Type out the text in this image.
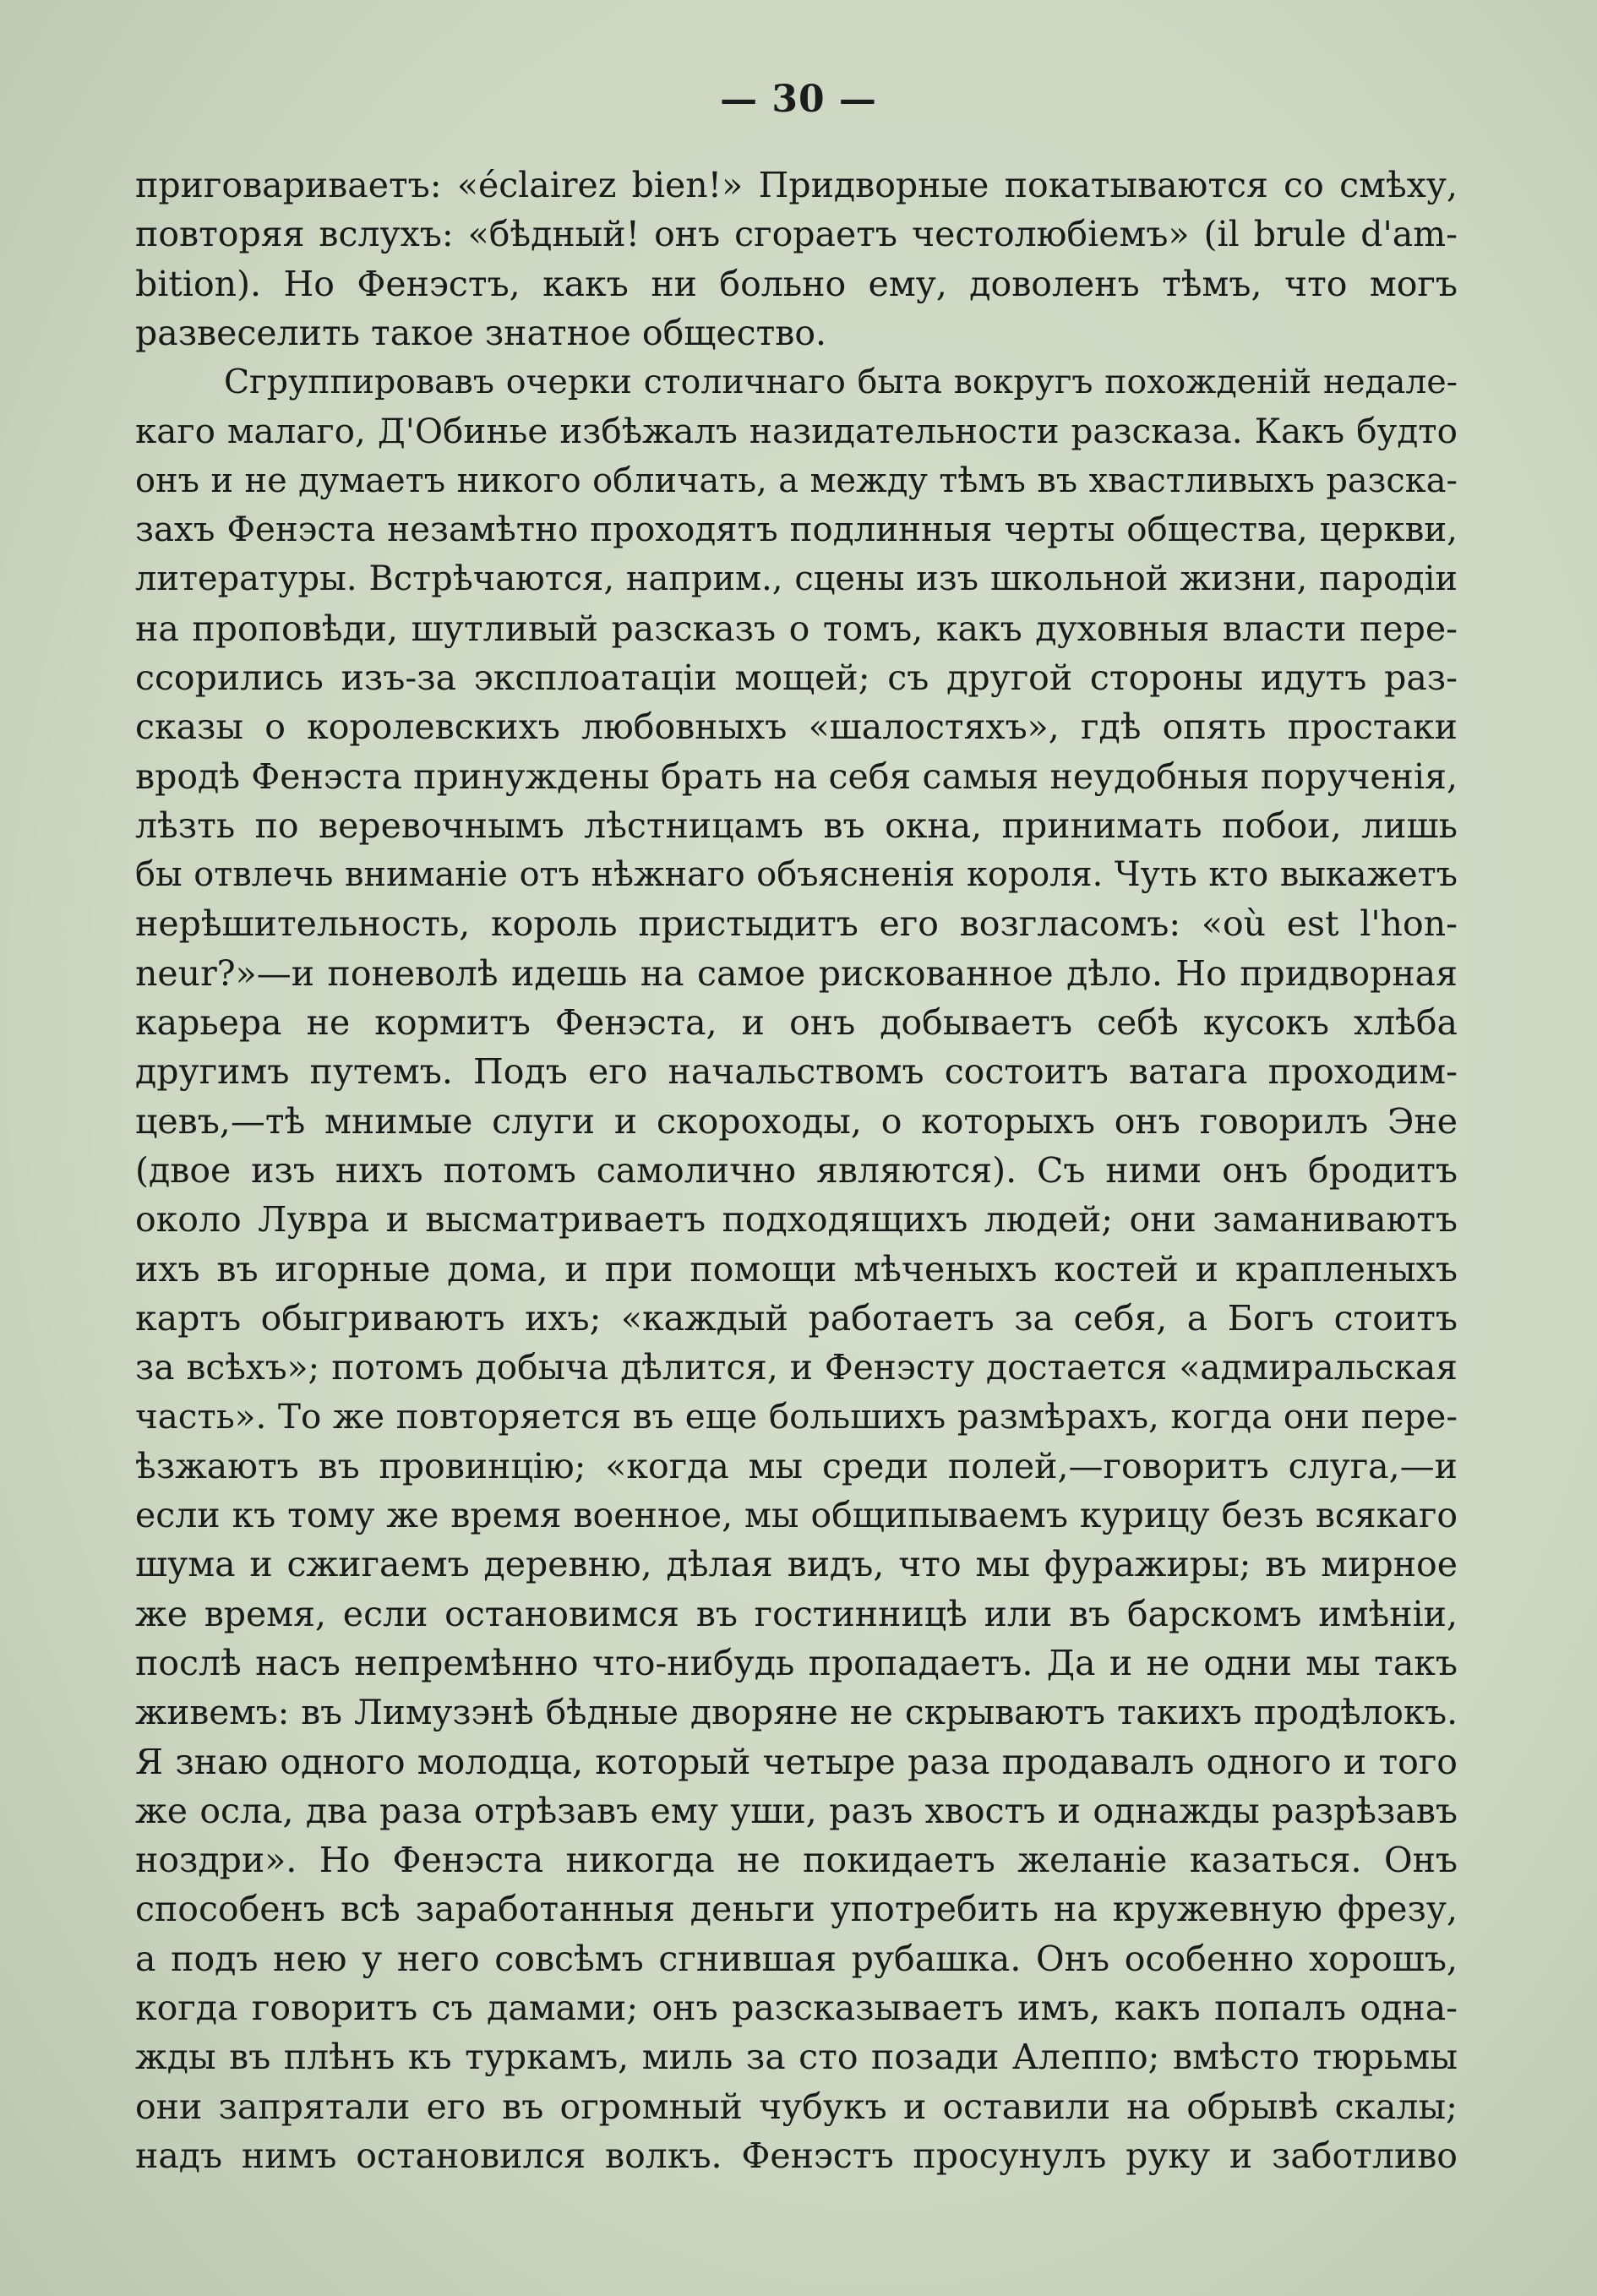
— 30 —
приговариваетъ: «éclairez bien!» Придворные покатываются со смѣху,
повторяя вслухъ: «бѣдный! онъ сгораетъ честолюбіемъ» (il brule d'am-
bition). Но Фенэстъ, какъ ни больно ему, доволенъ тѣмъ, что могъ
развеселить такое знатное общество.
Сгруппировавъ очерки столичнаго быта вокругъ похожденій недале-
каго малаго, Д'Обинье избѣжалъ назидательности разсказа. Какъ будто
онъ и не думаетъ никого обличать, а между тѣмъ въ хвастливыхъ разска-
захъ Фенэста незамѣтно проходятъ подлинныя черты общества, церкви,
литературы. Встрѣчаются, наприм., сцены изъ школьной жизни, пародіи
на проповѣди, шутливый разсказъ о томъ, какъ духовныя власти пере-
ссорились изъ-за эксплоатаціи мощей; съ другой стороны идутъ раз-
сказы о королевскихъ любовныхъ «шалостяхъ», гдѣ опять простаки
вродѣ Фенэста принуждены брать на себя самыя неудобныя порученія,
лѣзть по веревочнымъ лѣстницамъ въ окна, принимать побои, лишь
бы отвлечь вниманіе отъ нѣжнаго объясненія короля. Чуть кто выкажетъ
нерѣшительность, король пристыдитъ его возгласомъ: «où est l'hon-
neur?»—и поневолѣ идешь на самое рискованное дѣло. Но придворная
карьера не кормитъ Фенэста, и онъ добываетъ себѣ кусокъ хлѣба
другимъ путемъ. Подъ его начальствомъ состоитъ ватага проходим-
цевъ,—тѣ мнимые слуги и скороходы, о которыхъ онъ говорилъ Энe
(двое изъ нихъ потомъ самолично являются). Съ ними онъ бродитъ
около Лувра и высматриваетъ подходящихъ людей; они заманиваютъ
ихъ въ игорные дома, и при помощи мѣченыхъ костей и крапленыхъ
картъ обыгриваютъ ихъ; «каждый работаетъ за себя, а Богъ стоитъ
за всѣхъ»; потомъ добыча дѣлится, и Фенэсту достается «адмиральская
часть». То же повторяется въ еще большихъ размѣрахъ, когда они пере-
ѣзжаютъ въ провинцію; «когда мы среди полей,—говоритъ слуга,—и
если къ тому же время военное, мы общипываемъ курицу безъ всякаго
шума и сжигаемъ деревню, дѣлая видъ, что мы фуражиры; въ мирное
же время, если остановимся въ гостинницѣ или въ барскомъ имѣніи,
послѣ насъ непремѣнно что-нибудь пропадаетъ. Да и не одни мы такъ
живемъ: въ Лимузэнѣ бѣдные дворяне не скрываютъ такихъ продѣлокъ.
Я знаю одного молодца, который четыре раза продавалъ одного и того
же осла, два раза отрѣзавъ ему уши, разъ хвостъ и однажды разрѣзавъ
ноздри». Но Фенэста никогда не покидаетъ желаніе казаться. Онъ
способенъ всѣ заработанныя деньги употребить на кружевную фрезу,
а подъ нею у него совсѣмъ сгнившая рубашка. Онъ особенно хорошъ,
когда говоритъ съ дамами; онъ разсказываетъ имъ, какъ попалъ одна-
жды въ плѣнъ къ туркамъ, миль за сто позади Алеппо; вмѣсто тюрьмы
они запрятали его въ огромный чубукъ и оставили на обрывѣ скалы;
надъ нимъ остановился волкъ. Фенэстъ просунулъ руку и заботливо
